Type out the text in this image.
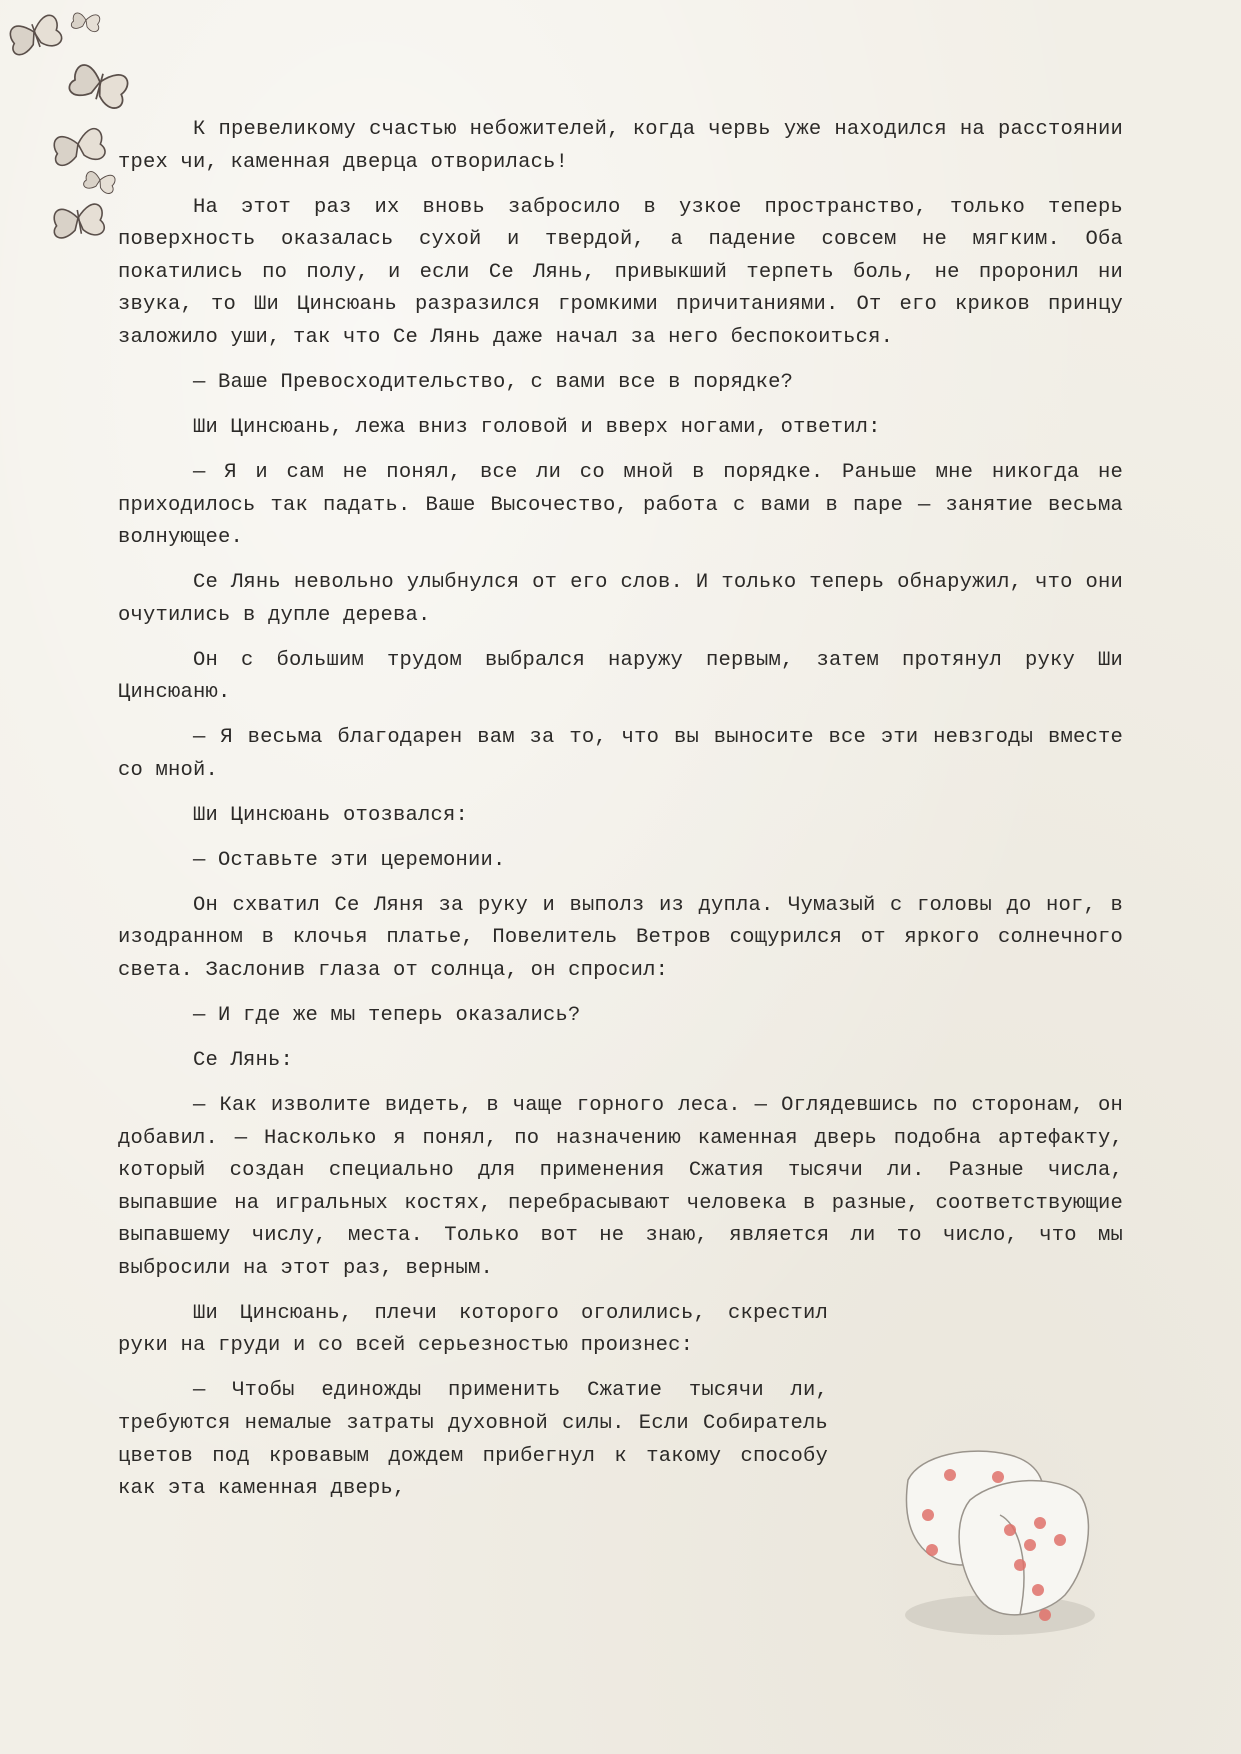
К превеликому счастью небожителей, когда червь уже находился на расстоянии трех чи, каменная дверца отворилась!

На этот раз их вновь забросило в узкое пространство, только теперь поверхность оказалась сухой и твердой, а падение совсем не мягким. Оба покатились по полу, и если Се Лянь, привыкший терпеть боль, не проронил ни звука, то Ши Цинсюань разразился громкими причитаниями. От его криков принцу заложило уши, так что Се Лянь даже начал за него беспокоиться.

— Ваше Превосходительство, с вами все в порядке?

Ши Цинсюань, лежа вниз головой и вверх ногами, ответил:

— Я и сам не понял, все ли со мной в порядке. Раньше мне никогда не приходилось так падать. Ваше Высочество, работа с вами в паре — занятие весьма волнующее.

Се Лянь невольно улыбнулся от его слов. И только теперь обнаружил, что они очутились в дупле дерева.

Он с большим трудом выбрался наружу первым, затем протянул руку Ши Цинсюаню.

— Я весьма благодарен вам за то, что вы выносите все эти невзгоды вместе со мной.

Ши Цинсюань отозвался:

— Оставьте эти церемонии.

Он схватил Се Ляня за руку и выполз из дупла. Чумазый с головы до ног, в изодранном в клочья платье, Повелитель Ветров сощурился от яркого солнечного света. Заслонив глаза от солнца, он спросил:

— И где же мы теперь оказались?

Се Лянь:

— Как изволите видеть, в чаще горного леса. — Оглядевшись по сторонам, он добавил. — Насколько я понял, по назначению каменная дверь подобна артефакту, который создан специально для применения Сжатия тысячи ли. Разные числа, выпавшие на игральных костях, перебрасывают человека в разные, соответствующие выпавшему числу, места. Только вот не знаю, является ли то число, что мы выбросили на этот раз, верным.

Ши Цинсюань, плечи которого оголились, скрестил руки на груди и со всей серьезностью произнес:

— Чтобы единожды применить Сжатие тысячи ли, требуются немалые затраты духовной силы. Если Собиратель цветов под кровавым дождем прибегнул к такому способу как эта каменная дверь,
